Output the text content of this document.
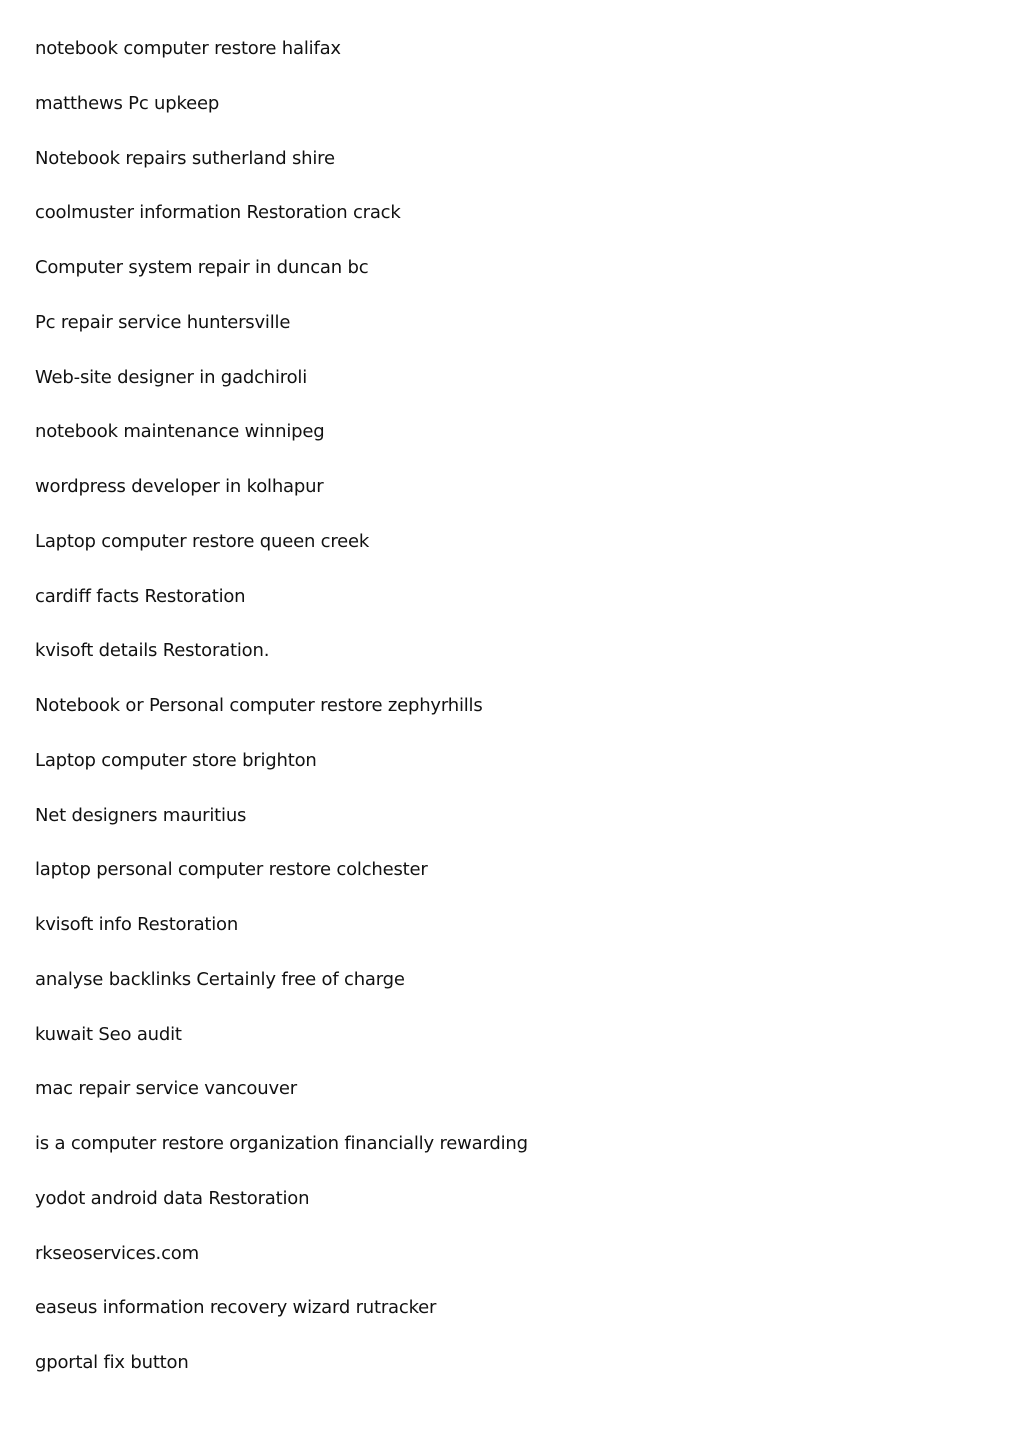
notebook computer restore halifax
matthews Pc upkeep
Notebook repairs sutherland shire
coolmuster information Restoration crack
Computer system repair in duncan bc
Pc repair service huntersville
Web-site designer in gadchiroli
notebook maintenance winnipeg
wordpress developer in kolhapur
Laptop computer restore queen creek
cardiff facts Restoration
kvisoft details Restoration.
Notebook or Personal computer restore zephyrhills
Laptop computer store brighton
Net designers mauritius
laptop personal computer restore colchester
kvisoft info Restoration
analyse backlinks Certainly free of charge
kuwait Seo audit
mac repair service vancouver
is a computer restore organization financially rewarding
yodot android data Restoration
rkseoservices.com
easeus information recovery wizard rutracker
gportal fix button
